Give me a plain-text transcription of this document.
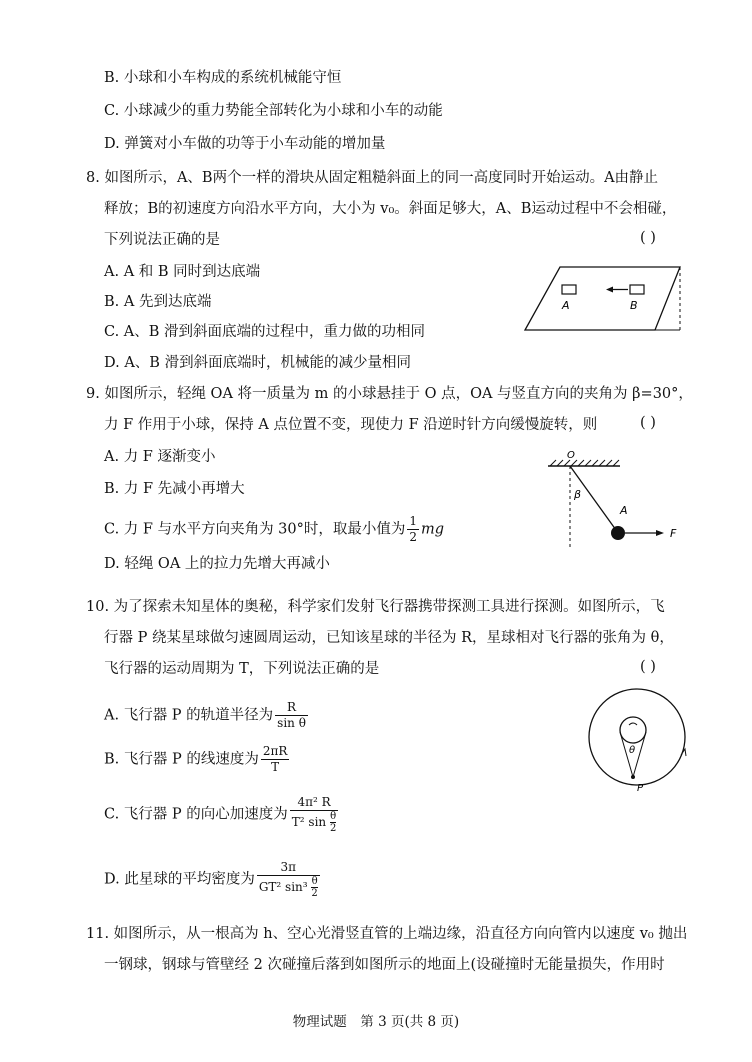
B. 小球和小车构成的系统机械能守恒
C. 小球减少的重力势能全部转化为小球和小车的动能
D. 弹簧对小车做的功等于小车动能的增加量
8. 如图所示，A、B两个一样的滑块从固定粗糙斜面上的同一高度同时开始运动。A由静止
释放；B的初速度方向沿水平方向，大小为 v₀。斜面足够大，A、B运动过程中不会相碰，
下列说法正确的是	( )
A. A 和 B 同时到达底端
B. A 先到达底端
C. A、B 滑到斜面底端的过程中，重力做的功相同
D. A、B 滑到斜面底端时，机械能的减少量相同
A	B
9. 如图所示，轻绳 OA 将一质量为 m 的小球悬挂于 O 点，OA 与竖直方向的夹角为 β=30°，
力 F 作用于小球，保持 A 点位置不变，现使力 F 沿逆时针方向缓慢旋转，则	( )
A. 力 F 逐渐变小
B. 力 F 先减小再增大
C. 力 F 与水平方向夹角为 30°时，取最小值为 $\frac{1}{2}$ mg
D. 轻绳 OA 上的拉力先增大再减小
O
β
A
F
10. 为了探索未知星体的奥秘，科学家们发射飞行器携带探测工具进行探测。如图所示，飞
行器 P 绕某星球做匀速圆周运动，已知该星球的半径为 R，星球相对飞行器的张角为 θ，
飞行器的运动周期为 T，下列说法正确的是	( )
A. 飞行器 P 的轨道半径为 $\frac{R}{\text{sin θ}}$
B. 飞行器 P 的线速度为 $\frac{2\pi R}{T}$
C. 飞行器 P 的向心加速度为 $\frac{\text{4π² R}}{T^2 \sin \frac{\theta}{2}}$
D. 此星球的平均密度为 $\frac{3\pi}{GT^2 \sin^3 \frac{\theta}{2}}$
θ
P
11. 如图所示，从一根高为 h、空心光滑竖直管的上端边缘，沿直径方向向管内以速度 v₀ 抛出
一钢球，钢球与管壁经 2 次碰撞后落到如图所示的地面上(设碰撞时无能量损失，作用时
物理试题　第 3 页(共 8 页)
